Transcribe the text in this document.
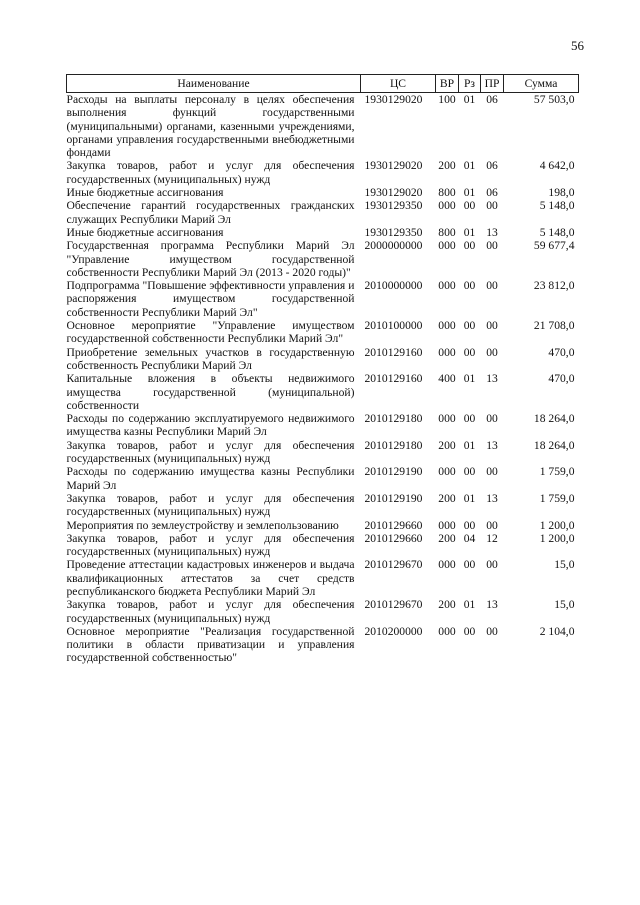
56
Наименование	ЦС	ВР	Рз	ПР	Сумма
Расходы на выплаты персоналу в целях обеспечения выполнения функций государственными (муниципальными) органами, казенными учреждениями, органами управления государственными внебюджетными фондами	1930129020	100	01	06	57 503,0
Закупка товаров, работ и услуг для обеспечения государственных (муниципальных) нужд	1930129020	200	01	06	4 642,0
Иные бюджетные ассигнования	1930129020	800	01	06	198,0
Обеспечение гарантий государственных гражданских служащих Республики Марий Эл	1930129350	000	00	00	5 148,0
Иные бюджетные ассигнования	1930129350	800	01	13	5 148,0
Государственная программа Республики Марий Эл "Управление имуществом государственной собственности Республики Марий Эл (2013 - 2020 годы)"	2000000000	000	00	00	59 677,4
Подпрограмма "Повышение эффективности управления и распоряжения имуществом государственной собственности Республики Марий Эл"	2010000000	000	00	00	23 812,0
Основное мероприятие "Управление имуществом государственной собственности Республики Марий Эл"	2010100000	000	00	00	21 708,0
Приобретение земельных участков в государственную собственность Республики Марий Эл	2010129160	000	00	00	470,0
Капитальные вложения в объекты недвижимого имущества государственной (муниципальной) собственности	2010129160	400	01	13	470,0
Расходы по содержанию эксплуатируемого недвижимого имущества казны Республики Марий Эл	2010129180	000	00	00	18 264,0
Закупка товаров, работ и услуг для обеспечения государственных (муниципальных) нужд	2010129180	200	01	13	18 264,0
Расходы по содержанию имущества казны Республики Марий Эл	2010129190	000	00	00	1 759,0
Закупка товаров, работ и услуг для обеспечения государственных (муниципальных) нужд	2010129190	200	01	13	1 759,0
Мероприятия по землеустройству и землепользованию	2010129660	000	00	00	1 200,0
Закупка товаров, работ и услуг для обеспечения государственных (муниципальных) нужд	2010129660	200	04	12	1 200,0
Проведение аттестации кадастровых инженеров и выдача квалификационных аттестатов за счет средств республиканского бюджета Республики Марий Эл	2010129670	000	00	00	15,0
Закупка товаров, работ и услуг для обеспечения государственных (муниципальных) нужд	2010129670	200	01	13	15,0
Основное мероприятие "Реализация государственной политики в области приватизации и управления государственной собственностью"	2010200000	000	00	00	2 104,0
